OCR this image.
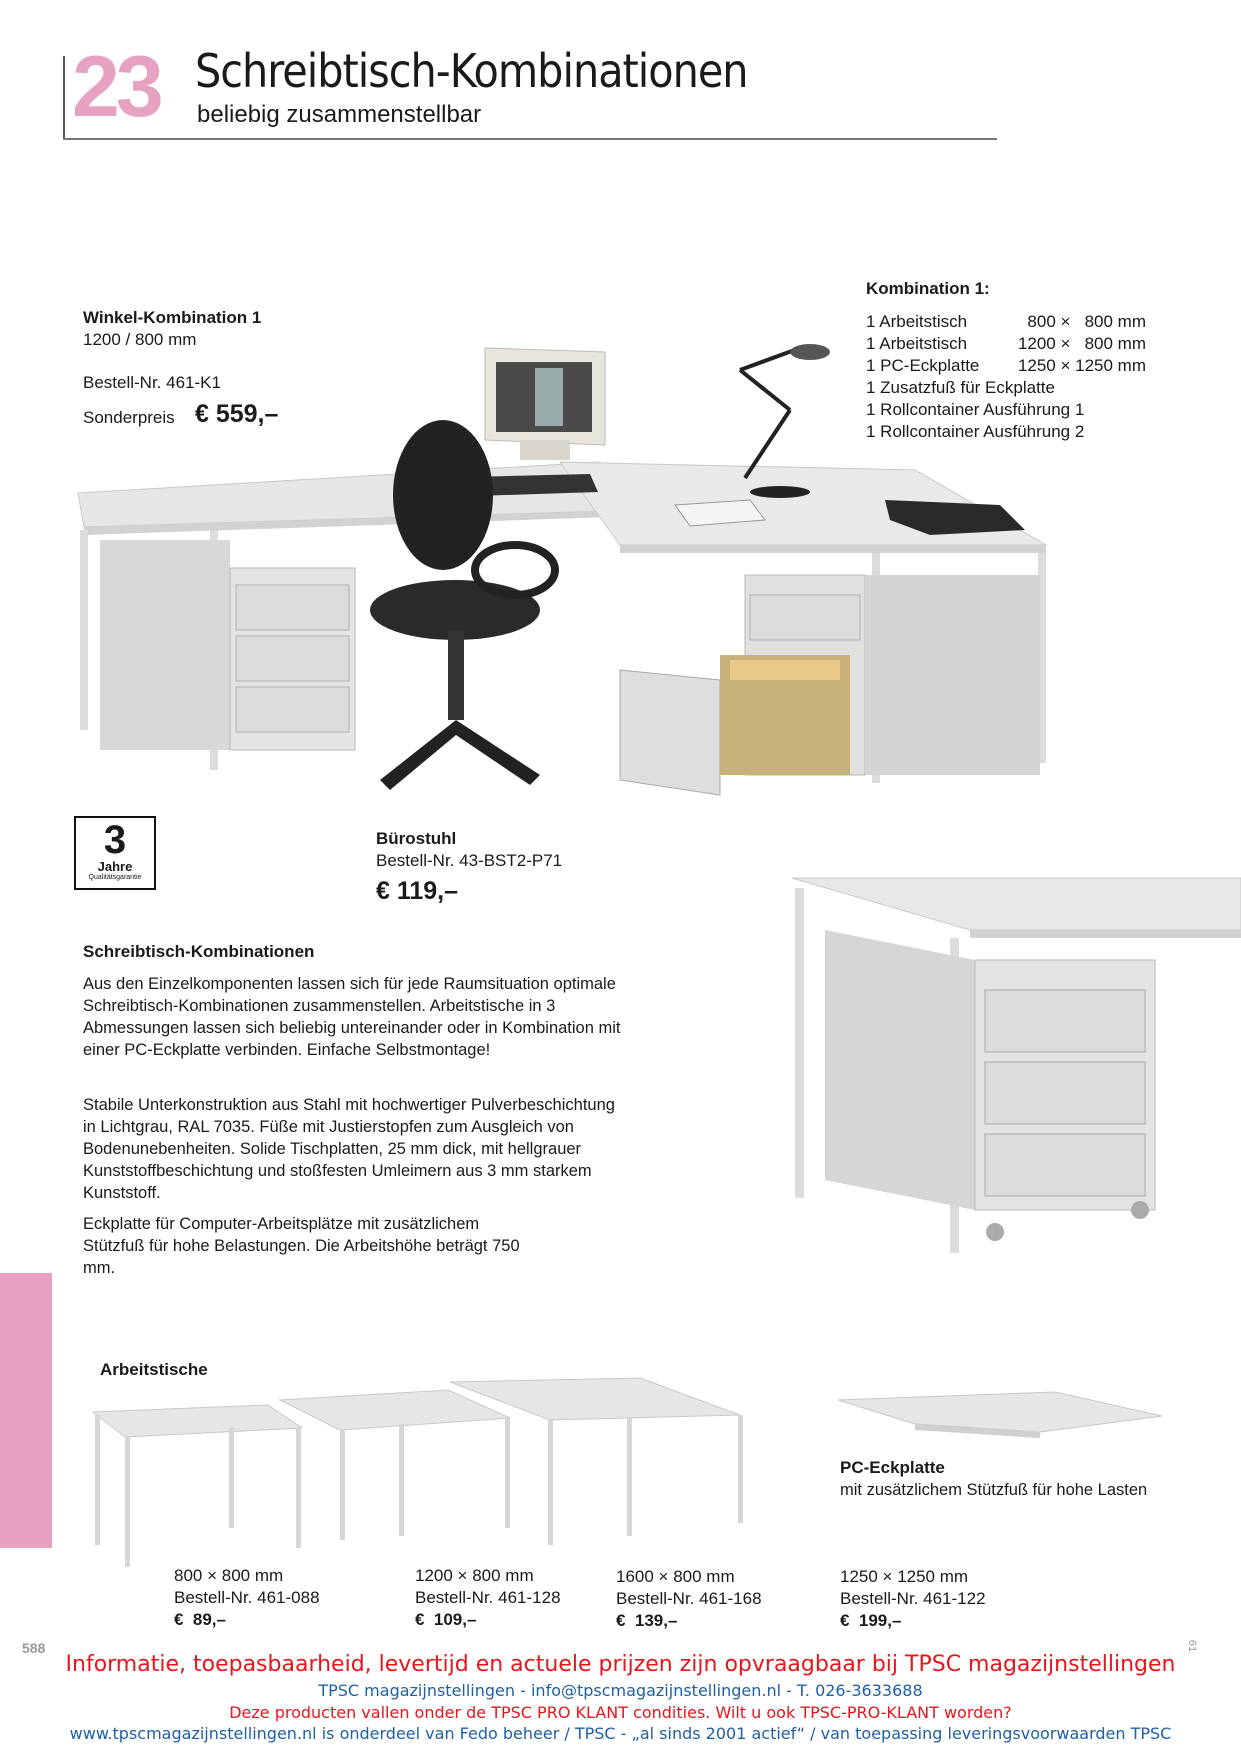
23 Schreibtisch-Kombinationen
beliebig zusammenstellbar
Winkel-Kombination 1
1200 / 800 mm
Bestell-Nr. 461-K1
Sonderpreis € 559,–
Kombination 1:
1 Arbeitstisch	800 ×   800 mm
1 Arbeitstisch	1200 ×   800 mm
1 PC-Eckplatte	1250 × 1250 mm
1 Zusatzfuß für Eckplatte
1 Rollcontainer Ausführung 1
1 Rollcontainer Ausführung 2
3
Jahre
Qualitätsgarantie
Bürostuhl
Bestell-Nr. 43-BST2-P71
€ 119,–
Schreibtisch-Kombinationen
Aus den Einzelkomponenten lassen sich für jede Raumsituation optimale Schreibtisch-Kombinationen zusammenstellen. Arbeitstische in 3 Abmessungen lassen sich beliebig untereinander oder in Kombination mit einer PC-Eckplatte verbinden. Einfache Selbstmontage!
Stabile Unterkonstruktion aus Stahl mit hochwertiger Pulverbeschichtung in Lichtgrau, RAL 7035. Füße mit Justierstopfen zum Ausgleich von Bodenunebenheiten. Solide Tischplatten, 25 mm dick, mit hellgrauer Kunststoffbeschichtung und stoßfesten Umleimern aus 3 mm starkem Kunststoff.
Eckplatte für Computer-Arbeitsplätze mit zusätzlichem Stützfuß für hohe Belastungen. Die Arbeitshöhe beträgt 750 mm.
Arbeitstische
800 × 800 mm
Bestell-Nr. 461-088
€  89,–
1200 × 800 mm
Bestell-Nr. 461-128
€  109,–
1600 × 800 mm
Bestell-Nr. 461-168
€  139,–
PC-Eckplatte
mit zusätzlichem Stützfuß für hohe Lasten
1250 × 1250 mm
Bestell-Nr. 461-122
€  199,–
588	61
Informatie, toepasbaarheid, levertijd en actuele prijzen zijn opvraagbaar bij TPSC magazijnstellingen
TPSC magazijnstellingen - info@tpscmagazijnstellingen.nl - T. 026-3633688
Deze producten vallen onder de TPSC PRO KLANT condities. Wilt u ook TPSC-PRO-KLANT worden?
www.tpscmagazijnstellingen.nl is onderdeel van Fedo beheer / TPSC - „al sinds 2001 actief“ / van toepassing leveringsvoorwaarden TPSC
